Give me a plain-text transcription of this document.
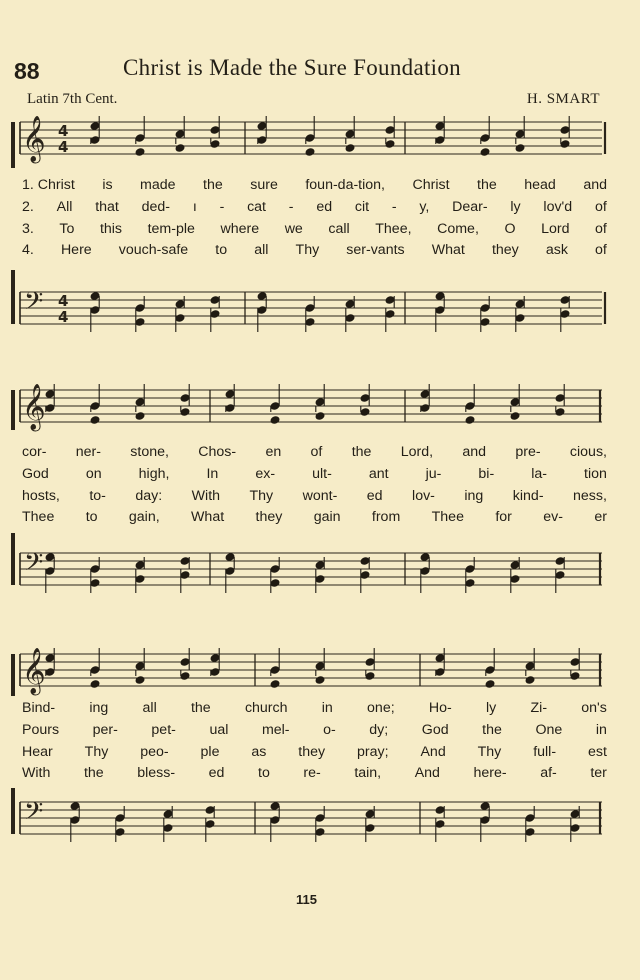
88	Christ is Made the Sure Foundation
Latin 7th Cent.	H. SMART
𝄞 4
4
1. Christ is made the sure foun-da-tion, Christ the head and
2. All that ded- ı - cat - ed cit - y, Dear- ly lov'd of
3. To this tem-ple where we call Thee, Come, O Lord of
4. Here vouch-safe to all Thy ser-vants What they ask of
𝄢 4
4
𝄞
cor- ner- stone, Chos- en of the Lord, and pre- cious,
God	on	high,	In	ex-	ult-	ant	ju-	bi-	la-	tion
hosts, to- day: With Thy wont- ed lov- ing kind- ness,
Thee to gain, What they gain from Thee for ev- er
𝄢
𝄞
Bind- ing all the church in one; Ho- ly Zi- on's
Pours per- pet- ual mel- o- dy; God the One in
Hear Thy peo- ple as they pray; And Thy full- est
With the bless- ed to re- tain, And here- af- ter
𝄢
115
